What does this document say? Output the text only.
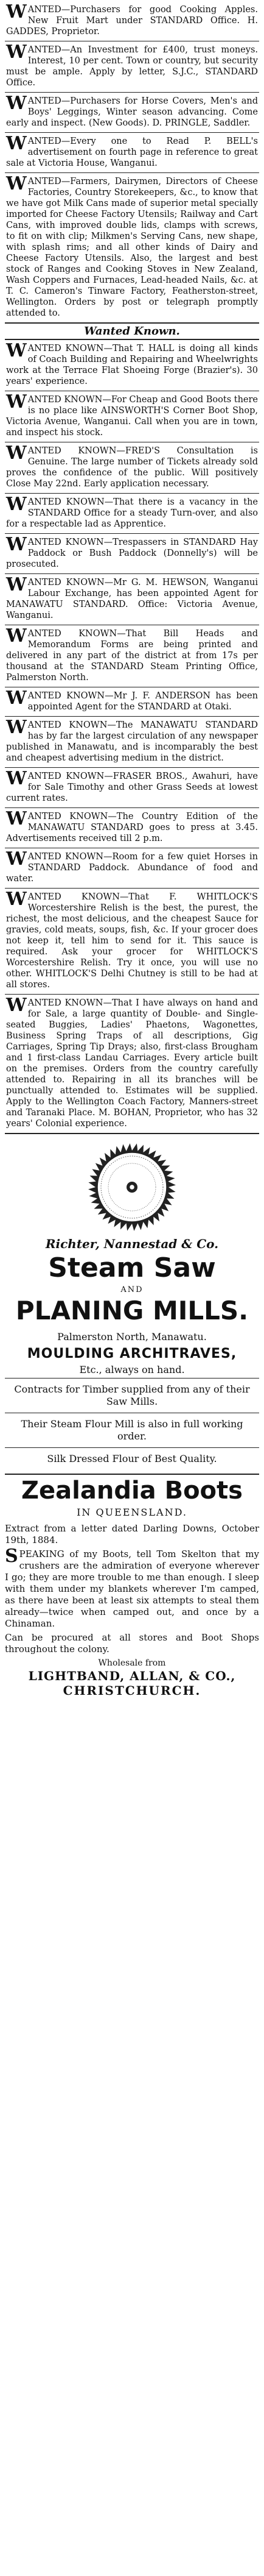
WANTED—Purchasers for good Cooking Apples. New Fruit Mart under STANDARD Office. H. GADDES, Proprietor.

WANTED—An Investment for £400, trust moneys. Interest, 10 per cent. Town or country, but security must be ample. Apply by letter, S.J.C., STANDARD Office.

WANTED—Purchasers for Horse Covers, Men's and Boys' Leggings, Winter season advancing. Come early and inspect. (New Goods). D. PRINGLE, Saddler.

WANTED—Every one to Read P. BELL's advertisement on fourth page in reference to great sale at Victoria House, Wanganui.

WANTED—Farmers, Dairymen, Directors of Cheese Factories, Country Storekeepers, &c., to know that we have got Milk Cans made of superior metal specially imported for Cheese Factory Utensils; Railway and Cart Cans, with improved double lids, clamps with screws, to fit on with clip; Milkmen's Serving Cans, new shape, with splash rims; and all other kinds of Dairy and Cheese Factory Utensils. Also, the largest and best stock of Ranges and Cooking Stoves in New Zealand, Wash Coppers and Furnaces, Lead-headed Nails, &c. at T. C. Cameron's Tinware Factory, Featherston-street, Wellington. Orders by post or telegraph promptly attended to.

Wanted Known.

WANTED KNOWN—That T. HALL is doing all kinds of Coach Building and Repairing and Wheelwrights work at the Terrace Flat Shoeing Forge (Brazier's). 30 years' experience.

WANTED KNOWN—For Cheap and Good Boots there is no place like AINSWORTH'S Corner Boot Shop, Victoria Avenue, Wanganui. Call when you are in town, and inspect his stock.

WANTED KNOWN—FRED'S Consultation is Genuine. The large number of Tickets already sold proves the confidence of the public. Will positively Close May 22nd. Early application necessary.

WANTED KNOWN—That there is a vacancy in the STANDARD Office for a steady Turn-over, and also for a respectable lad as Apprentice.

WANTED KNOWN—Trespassers in STANDARD Hay Paddock or Bush Paddock (Donnelly's) will be prosecuted.

WANTED KNOWN—Mr G. M. HEWSON, Wanganui Labour Exchange, has been appointed Agent for MANAWATU STANDARD. Office: Victoria Avenue, Wanganui.

WANTED KNOWN—That Bill Heads and Memorandum Forms are being printed and delivered in any part of the district at from 17s per thousand at the STANDARD Steam Printing Office, Palmerston North.

WANTED KNOWN—Mr J. F. ANDERSON has been appointed Agent for the STANDARD at Otaki.

WANTED KNOWN—The MANAWATU STANDARD has by far the largest circulation of any newspaper published in Manawatu, and is incomparably the best and cheapest advertising medium in the district.

WANTED KNOWN—FRASER BROS., Awahuri, have for Sale Timothy and other Grass Seeds at lowest current rates.

WANTED KNOWN—The Country Edition of the MANAWATU STANDARD goes to press at 3.45. Advertisements received till 2 p.m.

WANTED KNOWN—Room for a few quiet Horses in STANDARD Paddock. Abundance of food and water.

WANTED KNOWN—That F. WHITLOCK'S Worcestershire Relish is the best, the purest, the richest, the most delicious, and the cheapest Sauce for gravies, cold meats, soups, fish, &c. If your grocer does not keep it, tell him to send for it. This sauce is required. Ask your grocer for WHITLOCK'S Worcestershire Relish. Try it once, you will use no other. WHITLOCK'S Delhi Chutney is still to be had at all stores.

WANTED KNOWN—That I have always on hand and for Sale, a large quantity of Double- and Single-seated Buggies, Ladies' Phaetons, Wagonettes, Business Spring Traps of all descriptions, Gig Carriages, Spring Tip Drays; also, first-class Brougham and 1 first-class Landau Carriages. Every article built on the premises. Orders from the country carefully attended to. Repairing in all its branches will be punctually attended to. Estimates will be supplied. Apply to the Wellington Coach Factory, Manners-street and Taranaki Place. M. BOHAN, Proprietor, who has 32 years' Colonial experience.

Richter, Nannestad & Co.
Steam Saw
AND
PLANING MILLS.
Palmerston North, Manawatu.
MOULDING ARCHITRAVES,
Etc., always on hand.
Contracts for Timber supplied from any of their Saw Mills.
Their Steam Flour Mill is also in full working order.
Silk Dressed Flour of Best Quality.
Zealandia Boots
IN QUEENSLAND.

Extract from a letter dated Darling Downs, October 19th, 1884.

SPEAKING of my Boots, tell Tom Skelton that my crushers are the admiration of everyone wherever I go; they are more trouble to me than enough. I sleep with them under my blankets wherever I'm camped, as there have been at least six attempts to steal them already—twice when camped out, and once by a Chinaman.

Can be procured at all stores and Boot Shops throughout the colony.

Wholesale from
LIGHTBAND, ALLAN, & CO.,
CHRISTCHURCH.
